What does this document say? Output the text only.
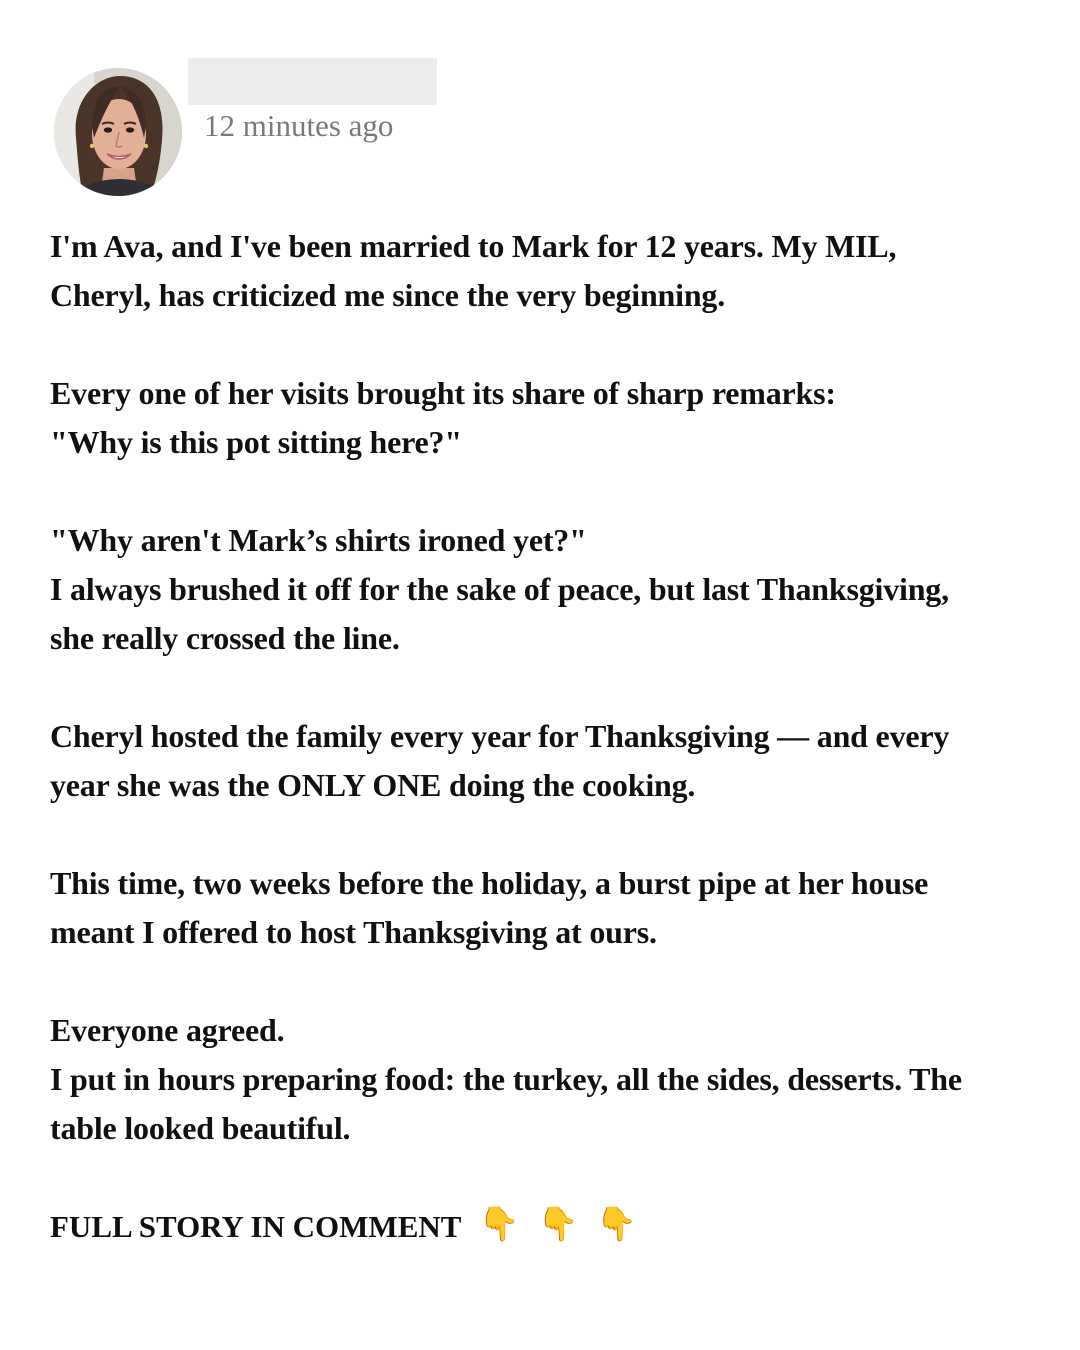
12 minutes ago

I'm Ava, and I've been married to Mark for 12 years. My MIL,
Cheryl, has criticized me since the very beginning.

Every one of her visits brought its share of sharp remarks:
"Why is this pot sitting here?"

"Why aren't Mark’s shirts ironed yet?"
I always brushed it off for the sake of peace, but last Thanksgiving,
she really crossed the line.

Cheryl hosted the family every year for Thanksgiving — and every
year she was the ONLY ONE doing the cooking.

This time, two weeks before the holiday, a burst pipe at her house
meant I offered to host Thanksgiving at ours.

Everyone agreed.
I put in hours preparing food: the turkey, all the sides, desserts. The
table looked beautiful.

FULL STORY IN COMMENT 👇 👇 👇
